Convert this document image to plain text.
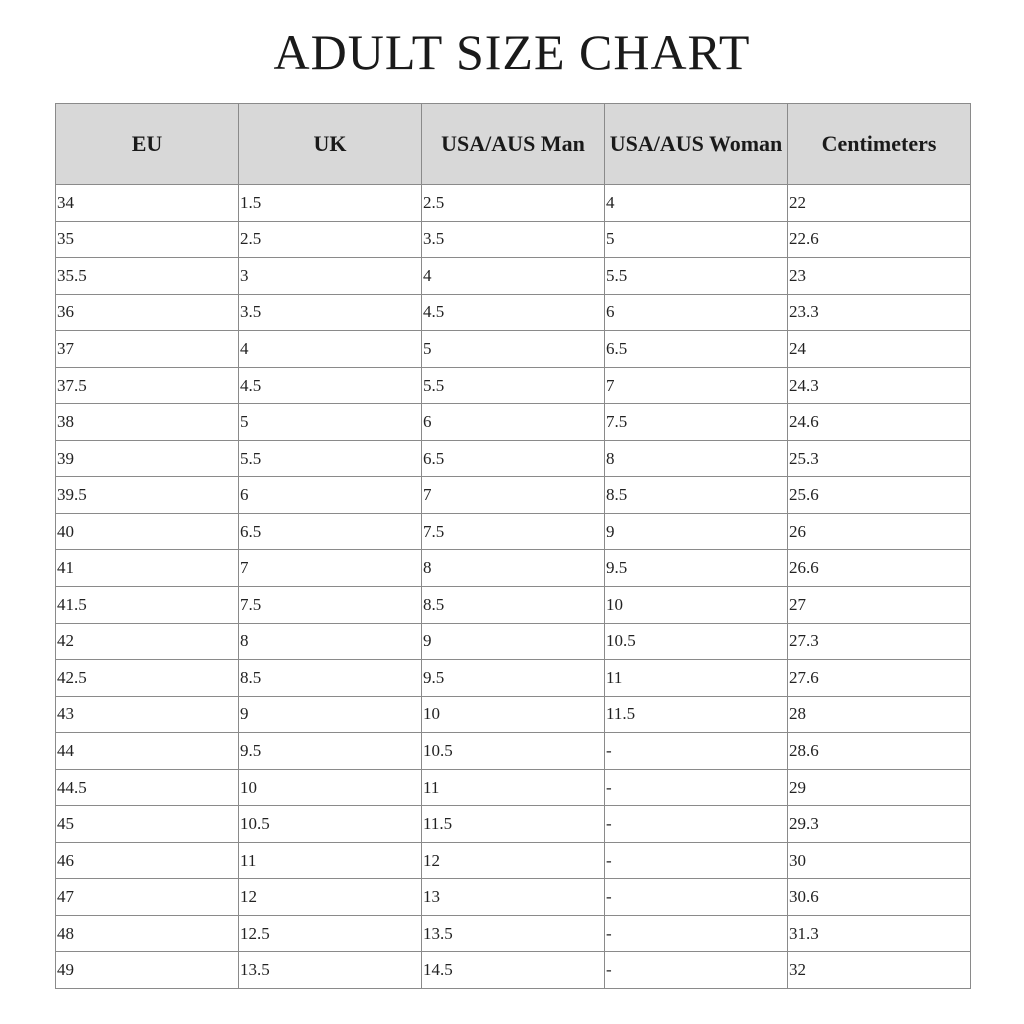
ADULT SIZE CHART
EU	UK	USA/AUS Man	USA/AUS Woman	Centimeters
34	1.5	2.5	4	22
35	2.5	3.5	5	22.6
35.5	3	4	5.5	23
36	3.5	4.5	6	23.3
37	4	5	6.5	24
37.5	4.5	5.5	7	24.3
38	5	6	7.5	24.6
39	5.5	6.5	8	25.3
39.5	6	7	8.5	25.6
40	6.5	7.5	9	26
41	7	8	9.5	26.6
41.5	7.5	8.5	10	27
42	8	9	10.5	27.3
42.5	8.5	9.5	11	27.6
43	9	10	11.5	28
44	9.5	10.5	-	28.6
44.5	10	11	-	29
45	10.5	11.5	-	29.3
46	11	12	-	30
47	12	13	-	30.6
48	12.5	13.5	-	31.3
49	13.5	14.5	-	32
